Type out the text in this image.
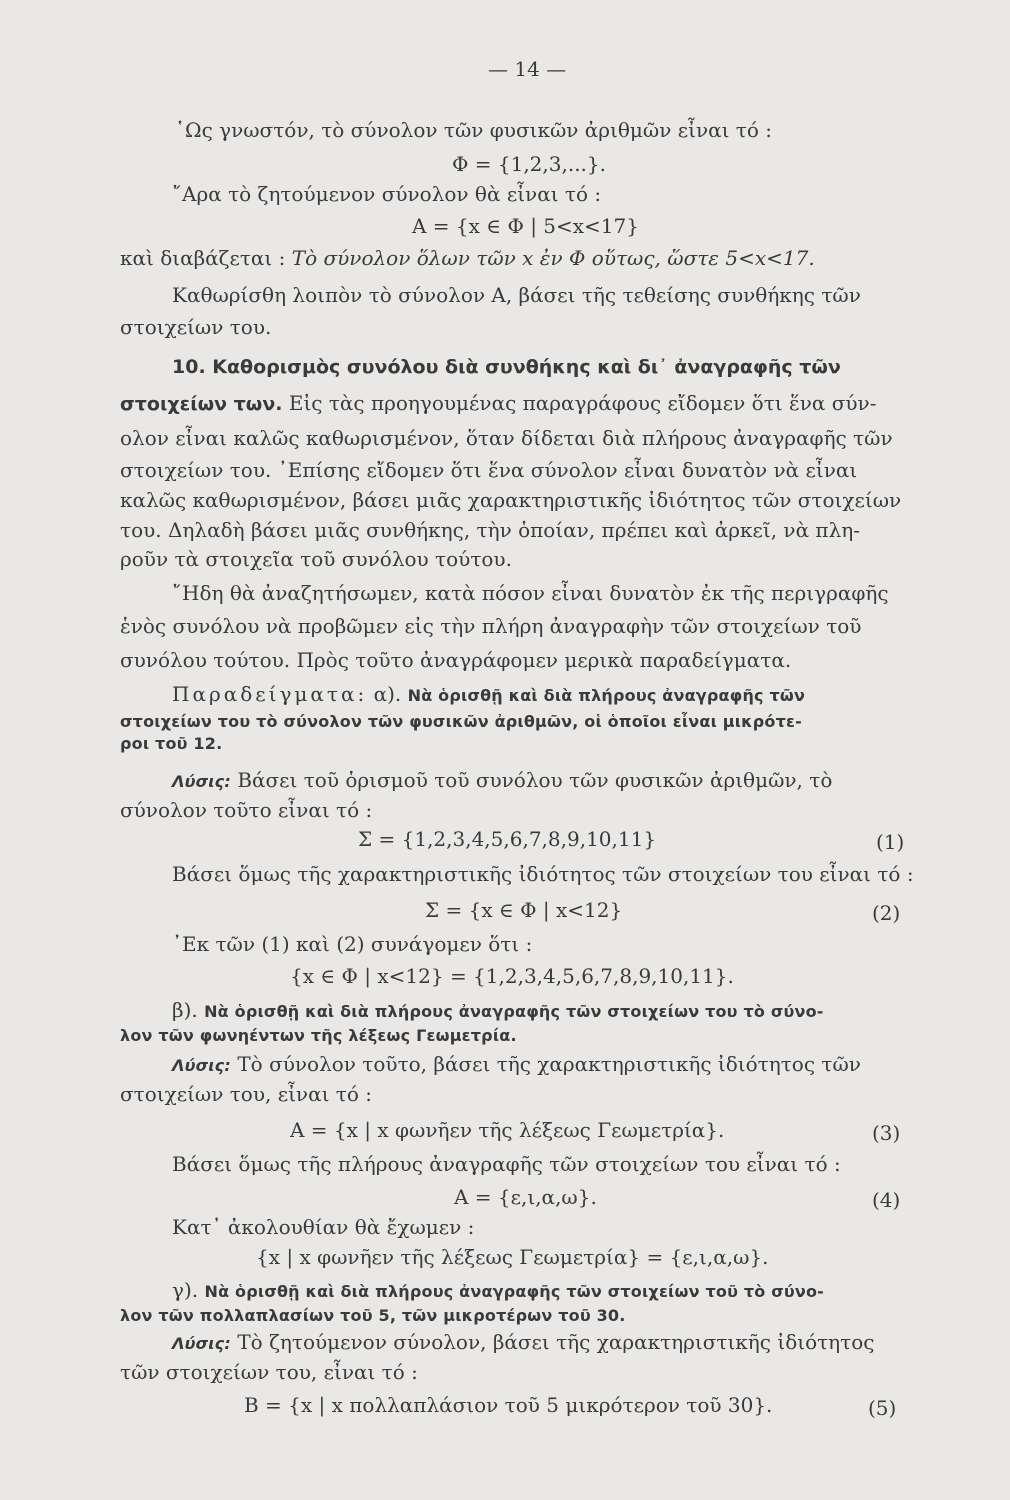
— 14 —
῾Ως γνωστόν, τὸ σύνολον τῶν φυσικῶν ἀριθμῶν εἶναι τό :
Φ = {1,2,3,...}.
῎Αρα τὸ ζητούμενον σύνολον θὰ εἶναι τό :
A = {x ∈ Φ | 5<x<17}
καὶ διαβάζεται : Τὸ σύνολον ὅλων τῶν x ἐν Φ οὕτως, ὥστε 5<x<17.
Καθωρίσθη λοιπὸν τὸ σύνολον Α, βάσει τῆς τεθείσης συνθήκης τῶν
στοιχείων του.
10. Καθορισμὸς συνόλου διὰ συνθήκης καὶ δι᾽ ἀναγραφῆς τῶν
στοιχείων των. Εἰς τὰς προηγουμένας παραγράφους εἴδομεν ὅτι ἕνα σύν-
ολον εἶναι καλῶς καθωρισμένον, ὅταν δίδεται διὰ πλήρους ἀναγραφῆς τῶν
στοιχείων του. ᾿Επίσης εἴδομεν ὅτι ἕνα σύνολον εἶναι δυνατὸν νὰ εἶναι
καλῶς καθωρισμένον, βάσει μιᾶς χαρακτηριστικῆς ἰδιότητος τῶν στοιχείων
του. Δηλαδὴ βάσει μιᾶς συνθήκης, τὴν ὁποίαν, πρέπει καὶ ἀρκεῖ, νὰ πλη-
ροῦν τὰ στοιχεῖα τοῦ συνόλου τούτου.
῎Ηδη θὰ ἀναζητήσωμεν, κατὰ πόσον εἶναι δυνατὸν ἐκ τῆς περιγραφῆς
ἑνὸς συνόλου νὰ προβῶμεν εἰς τὴν πλήρη ἀναγραφὴν τῶν στοιχείων τοῦ
συνόλου τούτου. Πρὸς τοῦτο ἀναγράφομεν μερικὰ παραδείγματα.
Παραδείγματα: α). Νὰ ὁρισθῇ καὶ διὰ πλήρους ἀναγραφῆς τῶν
στοιχείων του τὸ σύνολον τῶν φυσικῶν ἀριθμῶν, οἱ ὁποῖοι εἶναι μικρότε-
ροι τοῦ 12.
Λύσις: Βάσει τοῦ ὁρισμοῦ τοῦ συνόλου τῶν φυσικῶν ἀριθμῶν, τὸ
σύνολον τοῦτο εἶναι τό :
Σ = {1,2,3,4,5,6,7,8,9,10,11}	(1)
Βάσει ὅμως τῆς χαρακτηριστικῆς ἰδιότητος τῶν στοιχείων του εἶναι τό :
Σ = {x ∈ Φ | x<12}	(2)
᾿Εκ τῶν (1) καὶ (2) συνάγομεν ὅτι :
{x ∈ Φ | x<12} = {1,2,3,4,5,6,7,8,9,10,11}.
β). Νὰ ὁρισθῇ καὶ διὰ πλήρους ἀναγραφῆς τῶν στοιχείων του τὸ σύνο-
λον τῶν φωνηέντων τῆς λέξεως Γεωμετρία.
Λύσις: Τὸ σύνολον τοῦτο, βάσει τῆς χαρακτηριστικῆς ἰδιότητος τῶν
στοιχείων του, εἶναι τό :
A = {x | x φωνῆεν τῆς λέξεως Γεωμετρία}.	(3)
Βάσει ὅμως τῆς πλήρους ἀναγραφῆς τῶν στοιχείων του εἶναι τό :
A = {ε,ι,α,ω}.	(4)
Κατ᾽ ἀκολουθίαν θὰ ἔχωμεν :
{x | x φωνῆεν τῆς λέξεως Γεωμετρία} = {ε,ι,α,ω}.
γ). Νὰ ὁρισθῇ καὶ διὰ πλήρους ἀναγραφῆς τῶν στοιχείων τοῦ τὸ σύνο-
λον τῶν πολλαπλασίων τοῦ 5, τῶν μικροτέρων τοῦ 30.
Λύσις: Τὸ ζητούμενον σύνολον, βάσει τῆς χαρακτηριστικῆς ἰδιότητος
τῶν στοιχείων του, εἶναι τό :
B = {x | x πολλαπλάσιον τοῦ 5 μικρότερον τοῦ 30}.	(5)
